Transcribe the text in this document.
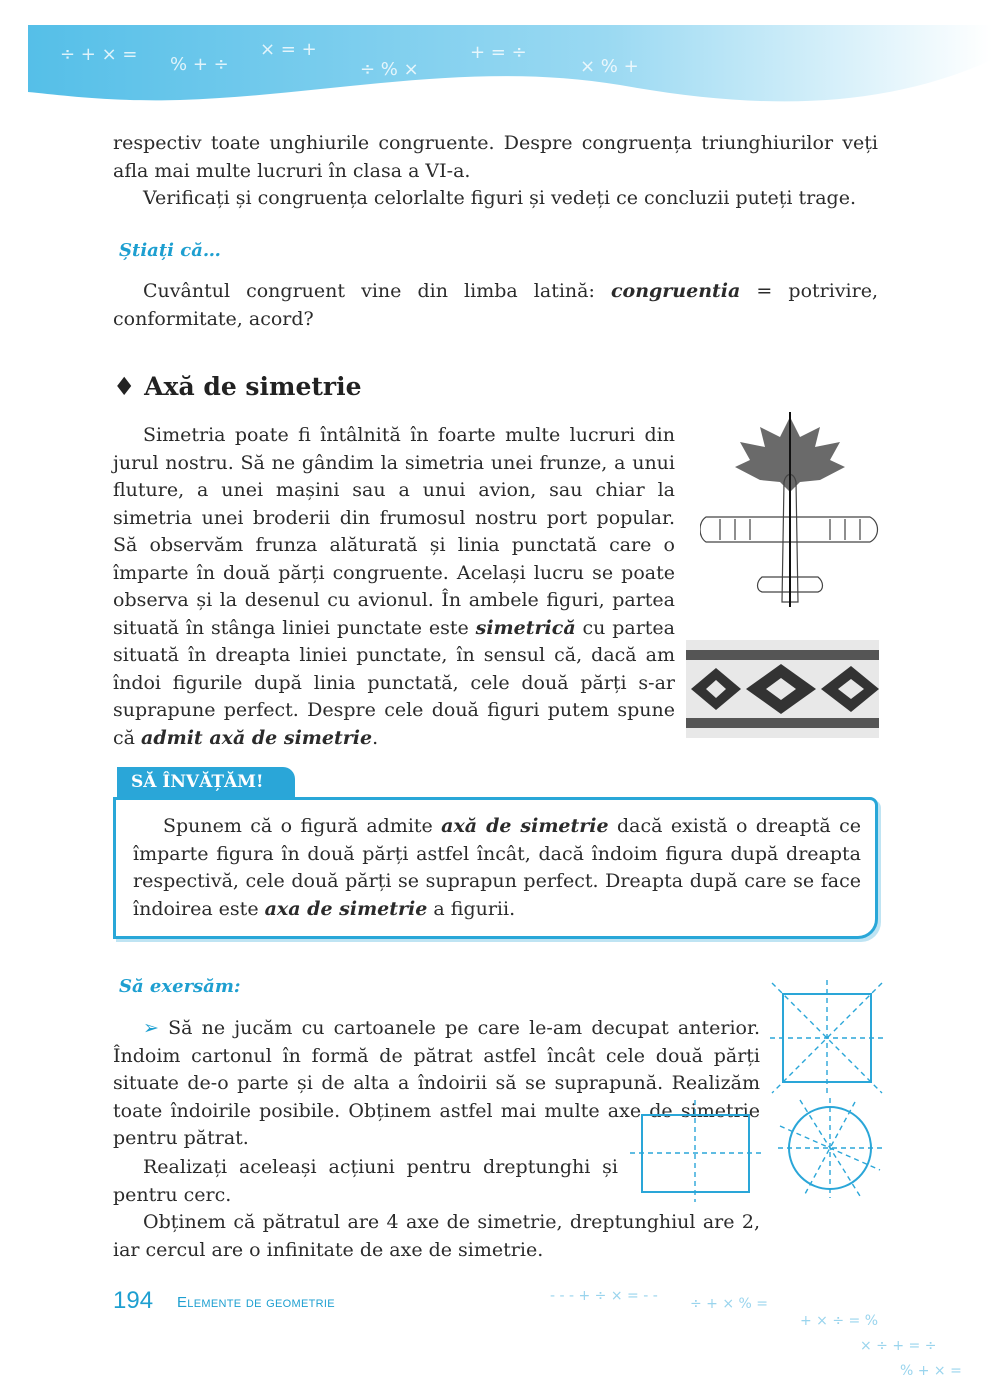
÷ + × = % + ÷
× = +
÷ % ×
+ = ÷
× % +
respectiv toate unghiurile congruente. Despre congruența triunghiurilor veți afla mai multe lucruri în clasa a VI-a.
Verificați și congruența celorlalte figuri și vedeți ce concluzii puteți trage.
Știați că…
Cuvântul congruent vine din limba latină: congruentia = potrivire, conformitate, acord?
♦ Axă de simetrie
Simetria poate fi întâlnită în foarte multe lucruri din jurul nostru. Să ne gândim la simetria unei frunze, a unui fluture, a unei mașini sau a unui avion, sau chiar la simetria unei broderii din frumosul nostru port popular. Să observăm frunza alăturată și linia punctată care o împarte în două părți congruente. Același lucru se poate observa și la desenul cu avionul. În ambele figuri, partea situată în stânga liniei punctate este simetrică cu partea situată în dreapta liniei punctate, în sensul că, dacă am îndoi figurile după linia punctată, cele două părți s-ar suprapune perfect. Despre cele două figuri putem spune că admit axă de simetrie.
SĂ ÎNVĂȚĂM!
Spunem că o figură admite axă de simetrie dacă există o dreaptă ce împarte figura în două părți astfel încât, dacă îndoim figura după dreapta respectivă, cele două părți se suprapun perfect. Dreapta după care se face îndoirea este axa de simetrie a figurii.
Să exersăm:
➢ Să ne jucăm cu cartoanele pe care le-am decupat anterior. Îndoim cartonul în formă de pătrat astfel încât cele două părți situate de-o parte și de alta a îndoirii să se suprapună. Realizăm toate îndoirile posibile. Obținem astfel mai multe axe de simetrie pentru pătrat.
Realizați aceleași acțiuni pentru dreptunghi și pentru cerc.
Obținem că pătratul are 4 axe de simetrie, dreptunghiul are 2, iar cercul are o infinitate de axe de simetrie.
194 Elemente de geometrie	- - - + ÷ × = - - ÷ + × % =
+ × ÷ = %
× ÷ + = ÷
% + × =
